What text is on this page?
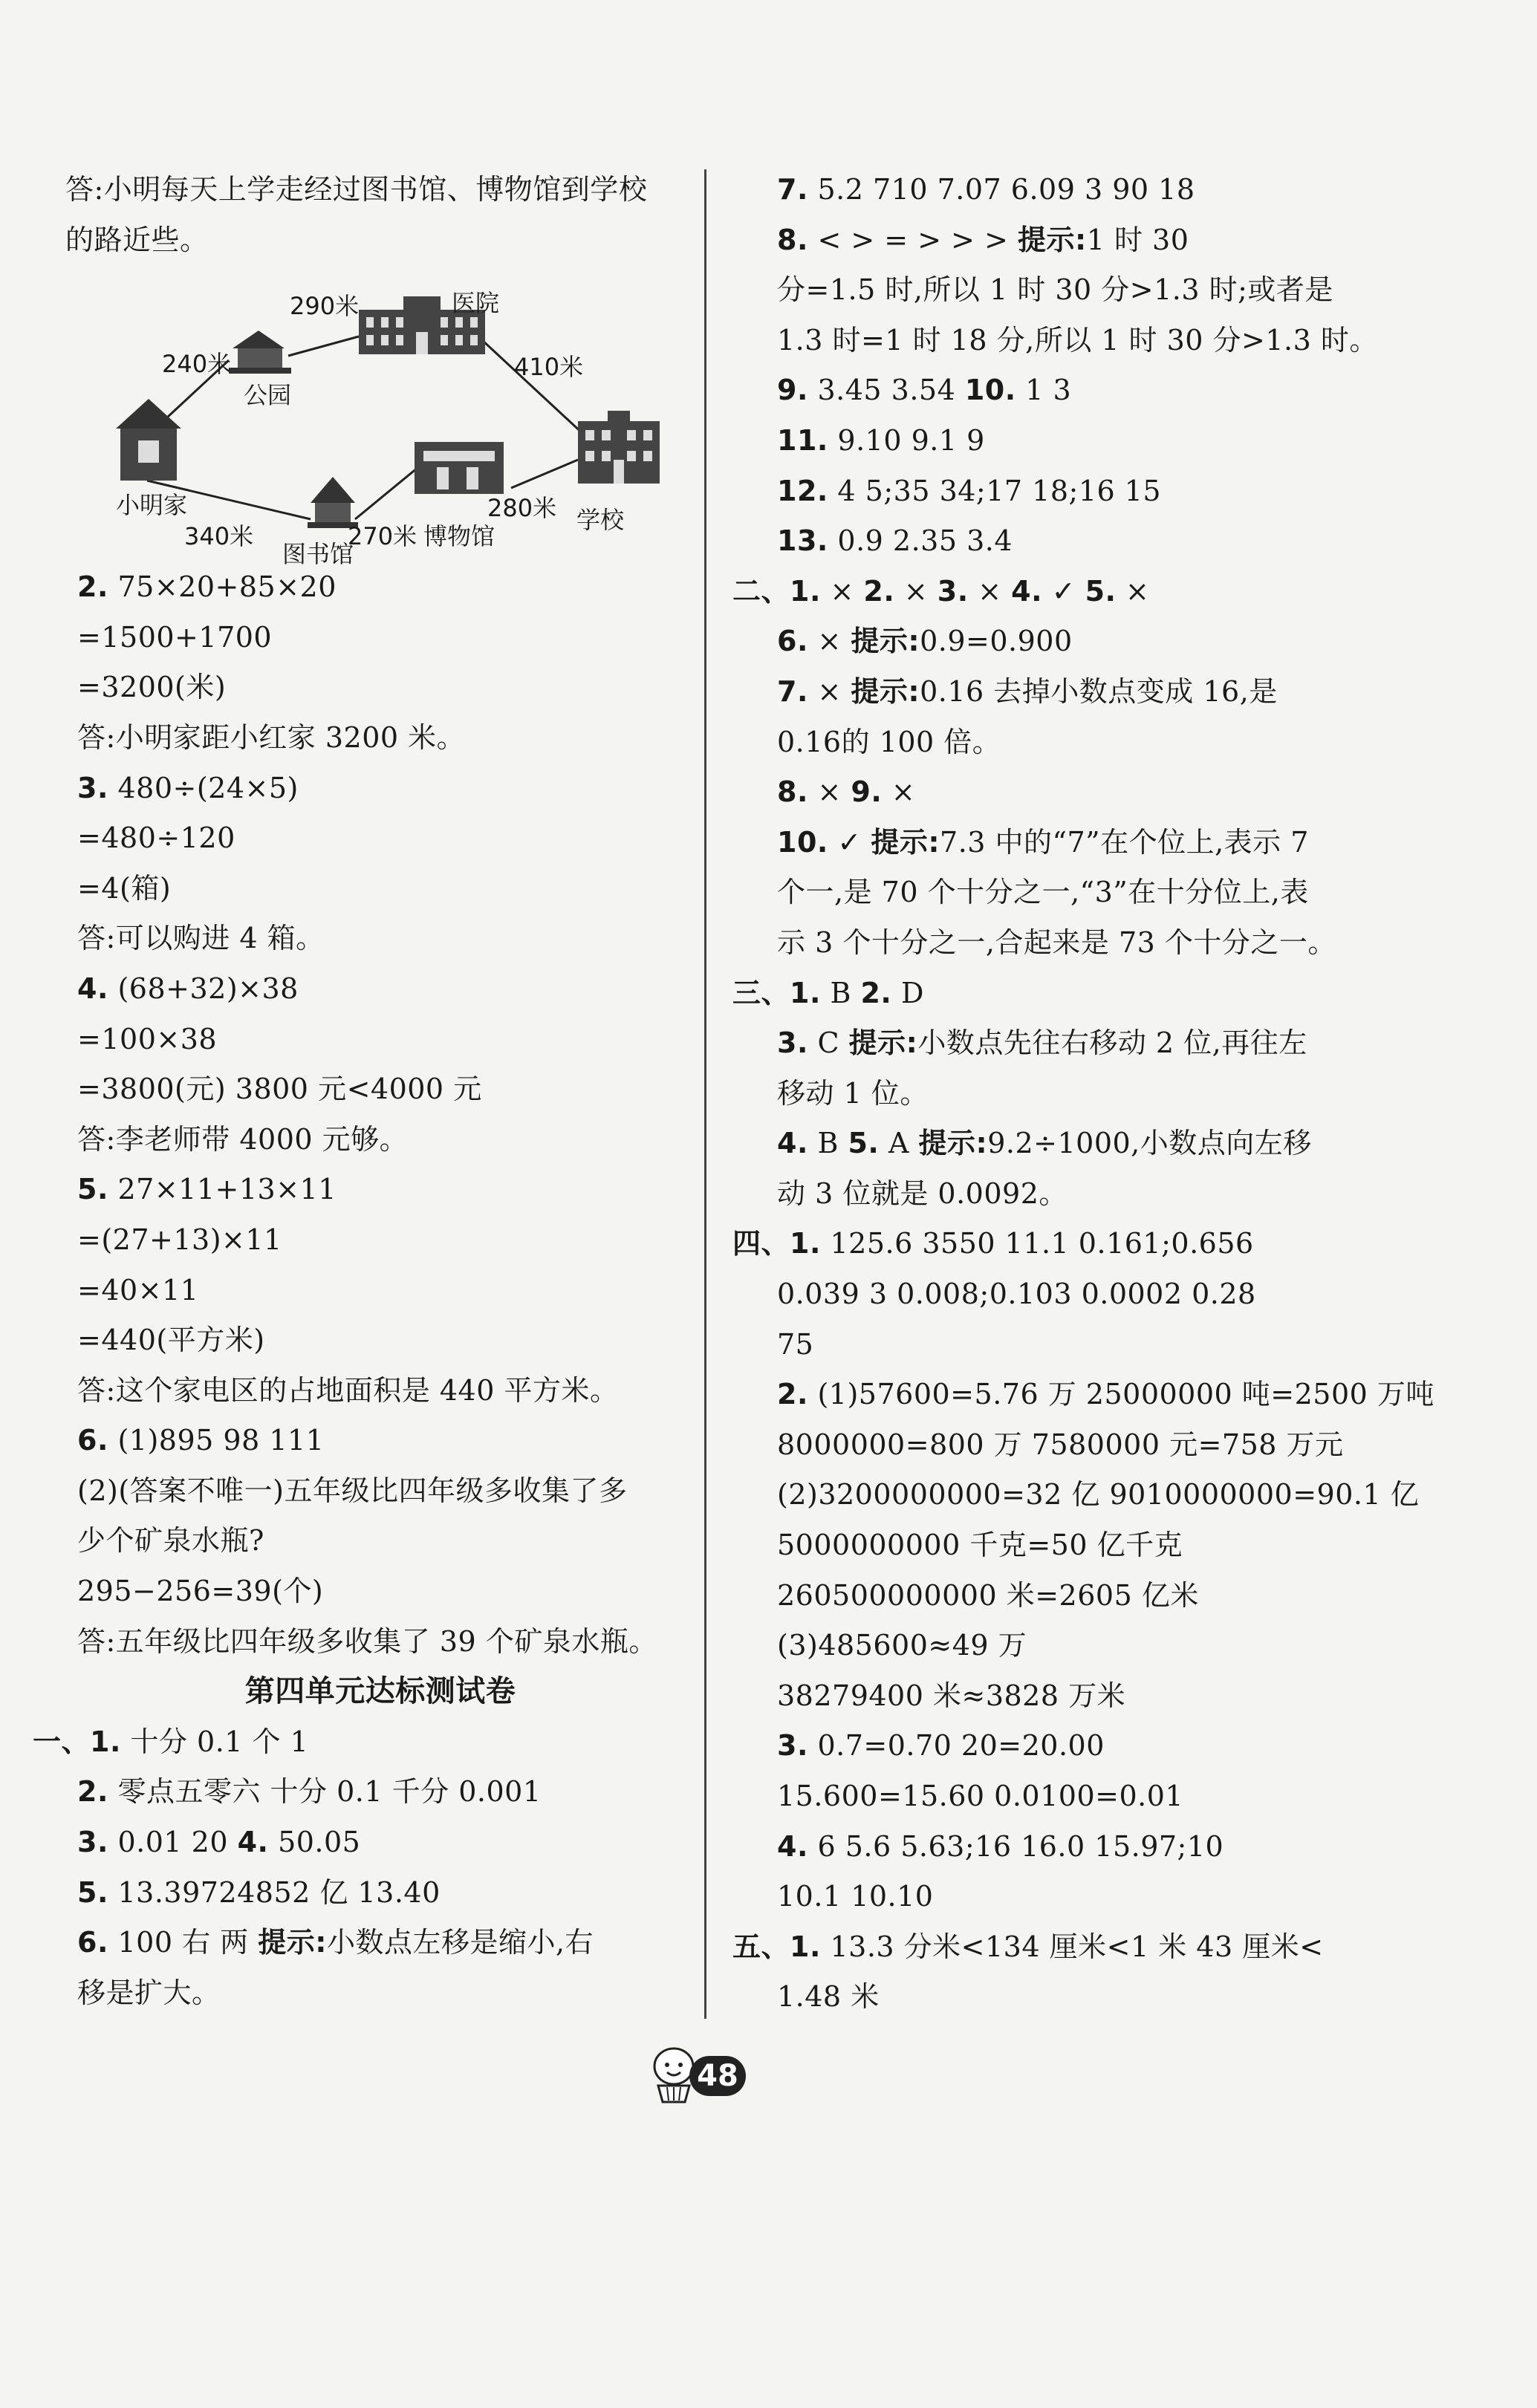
答:小明每天上学走经过图书馆、博物馆到学校
的路近些。
290米	医院
240米	410米
公园
小明家	280米 学校
340米	270米 博物馆
图书馆
2. 75×20+85×20
=1500+1700
=3200(米)
答:小明家距小红家 3200 米。
3. 480÷(24×5)
=480÷120
=4(箱)
答:可以购进 4 箱。
4. (68+32)×38
=100×38
=3800(元) 3800 元<4000 元
答:李老师带 4000 元够。
5. 27×11+13×11
=(27+13)×11
=40×11
=440(平方米)
答:这个家电区的占地面积是 440 平方米。
6. (1)895 98 111
(2)(答案不唯一)五年级比四年级多收集了多
少个矿泉水瓶?
295−256=39(个)
答:五年级比四年级多收集了 39 个矿泉水瓶。
第四单元达标测试卷
一、1. 十分 0.1 个 1
2. 零点五零六 十分 0.1 千分 0.001
3. 0.01 20 4. 50.05
5. 13.39724852 亿 13.40
6. 100 右 两 提示:小数点左移是缩小,右
移是扩大。
7. 5.2 710 7.07 6.09 3 90 18
8. < > = > > > 提示:1 时 30
分=1.5 时,所以 1 时 30 分>1.3 时;或者是
1.3 时=1 时 18 分,所以 1 时 30 分>1.3 时。
9. 3.45 3.54 10. 1 3
11. 9.10 9.1 9
12. 4 5;35 34;17 18;16 15
13. 0.9 2.35 3.4
二、1. × 2. × 3. × 4. ✓ 5. ×
6. × 提示:0.9=0.900
7. × 提示:0.16 去掉小数点变成 16,是
0.16的 100 倍。
8. × 9. ×
10. ✓ 提示:7.3 中的“7”在个位上,表示 7
个一,是 70 个十分之一,“3”在十分位上,表
示 3 个十分之一,合起来是 73 个十分之一。
三、1. B 2. D
3. C 提示:小数点先往右移动 2 位,再往左
移动 1 位。
4. B 5. A 提示:9.2÷1000,小数点向左移
动 3 位就是 0.0092。
四、1. 125.6 3550 11.1 0.161;0.656
0.039 3 0.008;0.103 0.0002 0.28
75
2. (1)57600=5.76 万 25000000 吨=2500 万吨
8000000=800 万 7580000 元=758 万元
(2)3200000000=32 亿 9010000000=90.1 亿
5000000000 千克=50 亿千克
260500000000 米=2605 亿米
(3)485600≈49 万
38279400 米≈3828 万米
3. 0.7=0.70 20=20.00
15.600=15.60 0.0100=0.01
4. 6 5.6 5.63;16 16.0 15.97;10
10.1 10.10
五、1. 13.3 分米<134 厘米<1 米 43 厘米<
1.48 米
48
